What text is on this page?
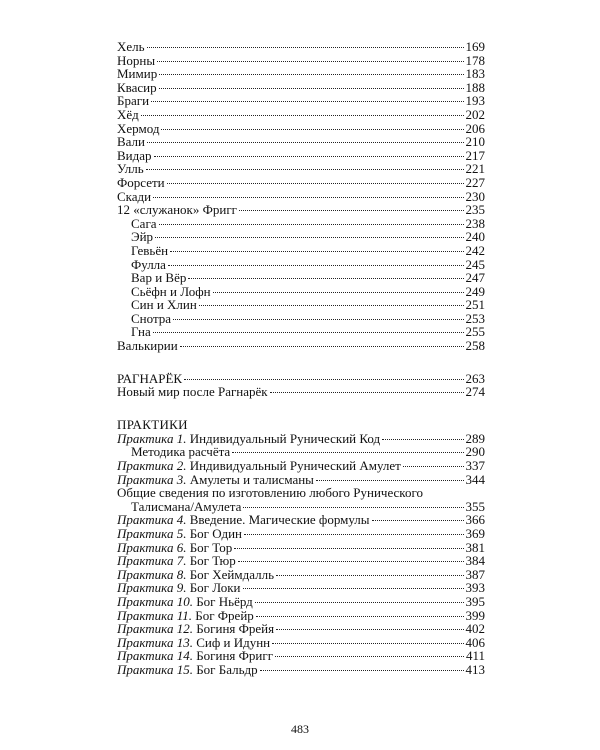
Хель	169
Норны	178
Мимир	183
Квасир	188
Браги	193
Хёд	202
Хермод	206
Вали	210
Видар	217
Улль	221
Форсети	227
Скади	230
12 «служанок» Фригг	235
Сага	238
Эйр	240
Гевьён	242
Фулла	245
Вар и Вёр	247
Сьёфн и Лофн	249
Син и Хлин	251
Снотра	253
Гна	255
Валькирии	258
РАГНАРЁК	263
Новый мир после Рагнарёк	274
ПРАКТИКИ
Практика 1. Индивидуальный Рунический Код	289
Методика расчёта	290
Практика 2. Индивидуальный Рунический Амулет	337
Практика 3. Амулеты и талисманы	344
Общие сведения по изготовлению любого Рунического
Талисмана/Амулета	355
Практика 4. Введение. Магические формулы	366
Практика 5. Бог Один	369
Практика 6. Бог Тор	381
Практика 7. Бог Тюр	384
Практика 8. Бог Хеймдалль	387
Практика 9. Бог Локи	393
Практика 10. Бог Ньёрд	395
Практика 11. Бог Фрейр	399
Практика 12. Богиня Фрейя	402
Практика 13. Сиф и Идунн	406
Практика 14. Богиня Фригг	411
Практика 15. Бог Бальдр	413
483
